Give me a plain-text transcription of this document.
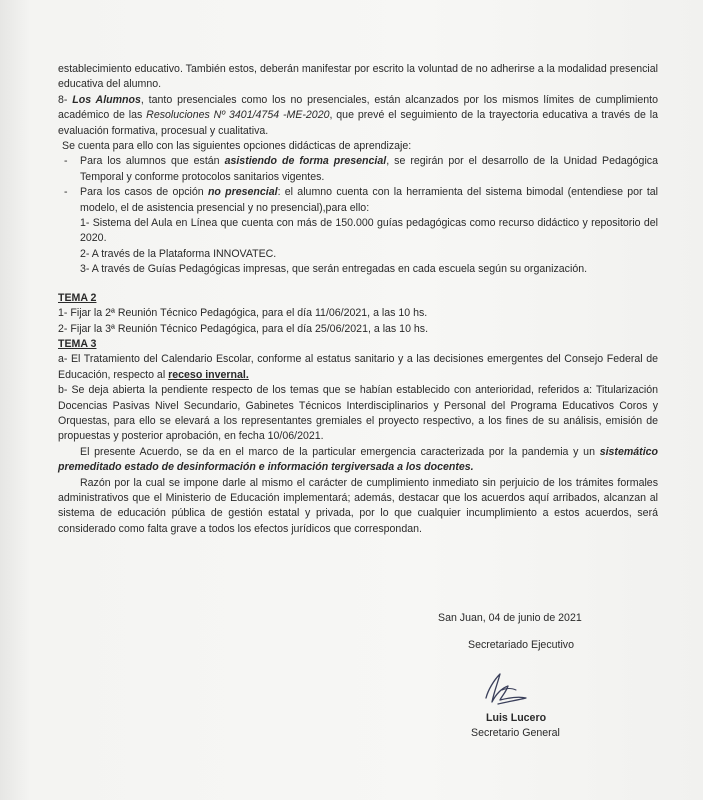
establecimiento educativo. También estos, deberán manifestar por escrito la voluntad de no adherirse a la modalidad presencial educativa del alumno.

8- Los Alumnos, tanto presenciales como los no presenciales, están alcanzados por los mismos límites de cumplimiento académico de las Resoluciones Nº 3401/4754 -ME-2020, que prevé el seguimiento de la trayectoria educativa a través de la evaluación formativa, procesual y cualitativa.

Se cuenta para ello con las siguientes opciones didácticas de aprendizaje:

- Para los alumnos que están asistiendo de forma presencial, se regirán por el desarrollo de la Unidad Pedagógica Temporal y conforme protocolos sanitarios vigentes.

- Para los casos de opción no presencial: el alumno cuenta con la herramienta del sistema bimodal (entendiese por tal modelo, el de asistencia presencial y no presencial),para ello:

1- Sistema del Aula en Línea que cuenta con más de 150.000 guías pedagógicas como recurso didáctico y repositorio del 2020.

2- A través de la Plataforma INNOVATEC.

3- A través de Guías Pedagógicas impresas, que serán entregadas en cada escuela según su organización.

TEMA 2

1- Fijar la 2ª Reunión Técnico Pedagógica, para el día 11/06/2021, a las 10 hs.

2- Fijar la 3ª Reunión Técnico Pedagógica, para el día 25/06/2021, a las 10 hs.

TEMA 3

a- El Tratamiento del Calendario Escolar, conforme al estatus sanitario y a las decisiones emergentes del Consejo Federal de Educación, respecto al receso invernal.

b- Se deja abierta la pendiente respecto de los temas que se habían establecido con anterioridad, referidos a: Titularización Docencias Pasivas Nivel Secundario, Gabinetes Técnicos Interdisciplinarios y Personal del Programa Educativos Coros y Orquestas, para ello se elevará a los representantes gremiales el proyecto respectivo, a los fines de su análisis, emisión de propuestas y posterior aprobación, en fecha 10/06/2021.

El presente Acuerdo, se da en el marco de la particular emergencia caracterizada por la pandemia y un sistemático premeditado estado de desinformación e información tergiversada a los docentes.

Razón por la cual se impone darle al mismo el carácter de cumplimiento inmediato sin perjuicio de los trámites formales administrativos que el Ministerio de Educación implementará; además, destacar que los acuerdos aquí arribados, alcanzan al sistema de educación pública de gestión estatal y privada, por lo que cualquier incumplimiento a estos acuerdos, será considerado como falta grave a todos los efectos jurídicos que correspondan.

San Juan, 04 de junio de 2021
Secretariado Ejecutivo
Luis Lucero
Secretario General
